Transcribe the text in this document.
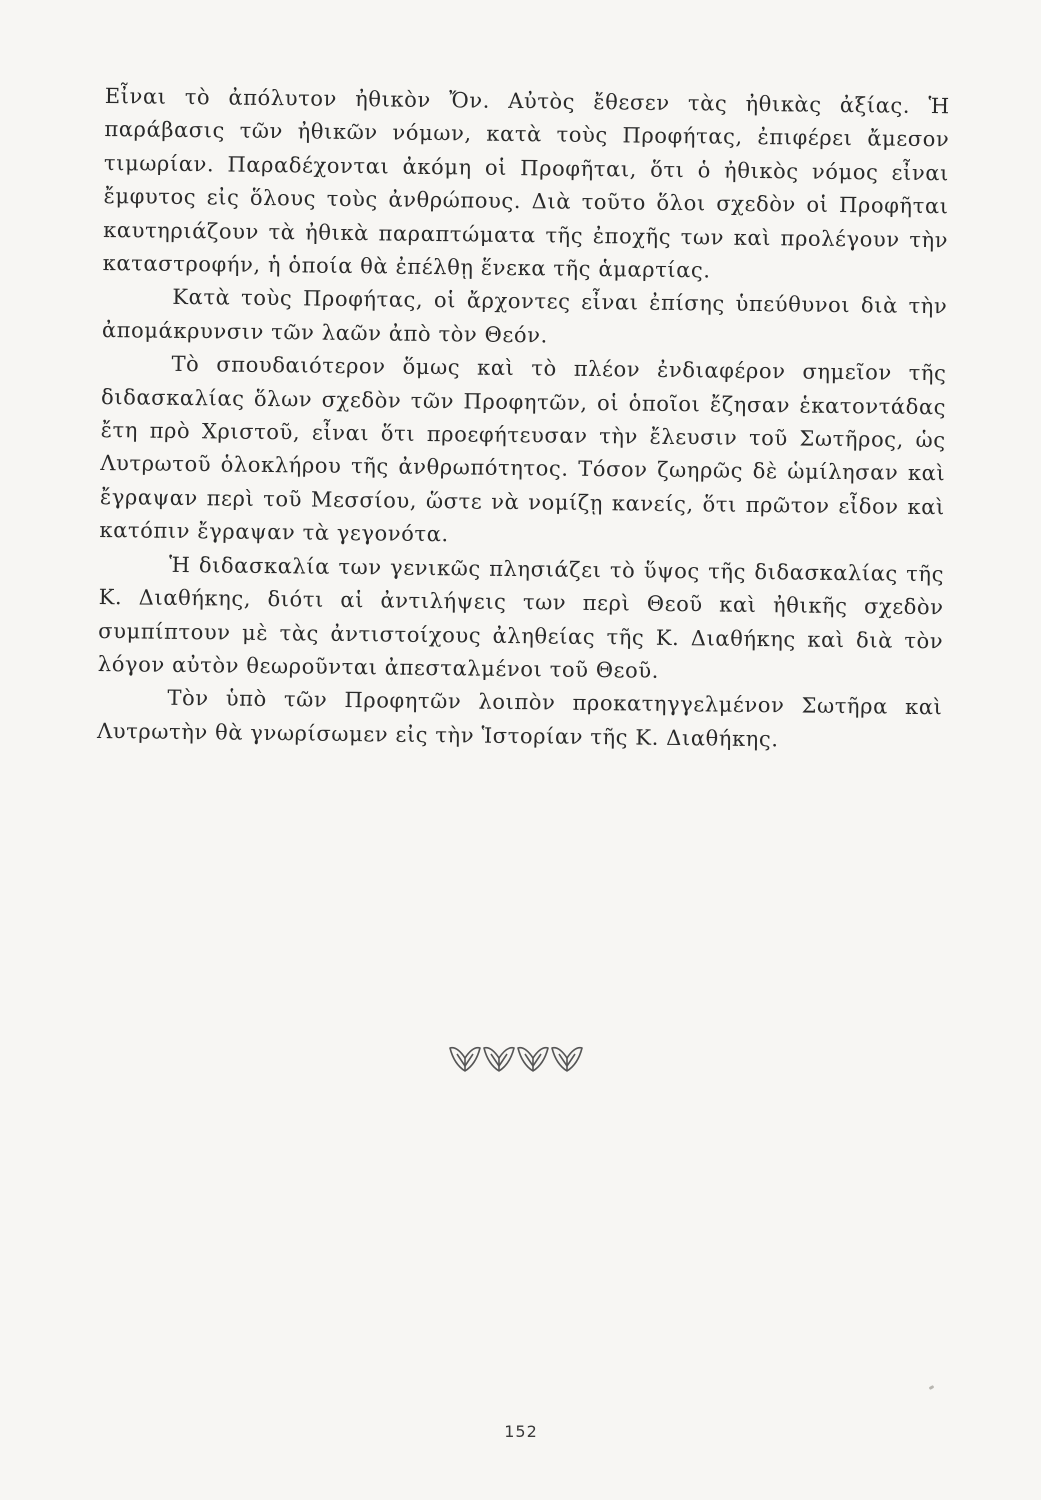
Εἶναι τὸ ἀπόλυτον ἠθικὸν Ὄν. Αὐτὸς ἔθεσεν τὰς ἠθικὰς ἀξίας. Ἡ παράβασις τῶν ἠθικῶν νόμων, κατὰ τοὺς Προφήτας, ἐπιφέρει ἄμεσον τιμωρίαν. Παραδέχονται ἀκόμη οἱ Προφῆται, ὅτι ὁ ἠθικὸς νόμος εἶναι ἔμφυτος εἰς ὅλους τοὺς ἀνθρώπους. Διὰ τοῦτο ὅλοι σχεδὸν οἱ Προφῆται καυτηριάζουν τὰ ἠθικὰ παραπτώματα τῆς ἐποχῆς των καὶ προλέγουν τὴν καταστροφήν, ἡ ὁποία θὰ ἐπέλθῃ ἕνεκα τῆς ἁμαρτίας.

Κατὰ τοὺς Προφήτας, οἱ ἄρχοντες εἶναι ἐπίσης ὑπεύθυνοι διὰ τὴν ἀπομάκρυνσιν τῶν λαῶν ἀπὸ τὸν Θεόν.

Τὸ σπουδαιότερον ὅμως καὶ τὸ πλέον ἐνδιαφέρον σημεῖον τῆς διδασκαλίας ὅλων σχεδὸν τῶν Προφητῶν, οἱ ὁποῖοι ἔζησαν ἑκατοντάδας ἔτη πρὸ Χριστοῦ, εἶναι ὅτι προεφήτευσαν τὴν ἔλευσιν τοῦ Σωτῆρος, ὡς Λυτρωτοῦ ὁλοκλήρου τῆς ἀνθρωπότητος. Τόσον ζωηρῶς δὲ ὡμίλησαν καὶ ἔγραψαν περὶ τοῦ Μεσσίου, ὥστε νὰ νομίζῃ κανείς, ὅτι πρῶτον εἶδον καὶ κατόπιν ἔγραψαν τὰ γεγονότα.

Ἡ διδασκαλία των γενικῶς πλησιάζει τὸ ὕψος τῆς διδασκαλίας τῆς Κ. Διαθήκης, διότι αἱ ἀντιλήψεις των περὶ Θεοῦ καὶ ἠθικῆς σχεδὸν συμπίπτουν μὲ τὰς ἀντιστοίχους ἀληθείας τῆς Κ. Διαθήκης καὶ διὰ τὸν λόγον αὐτὸν θεωροῦνται ἀπεσταλμένοι τοῦ Θεοῦ.

Τὸν ὑπὸ τῶν Προφητῶν λοιπὸν προκατηγγελμένον Σωτῆρα καὶ Λυτρωτὴν θὰ γνωρίσωμεν εἰς τὴν Ἱστορίαν τῆς Κ. Διαθήκης.

152
